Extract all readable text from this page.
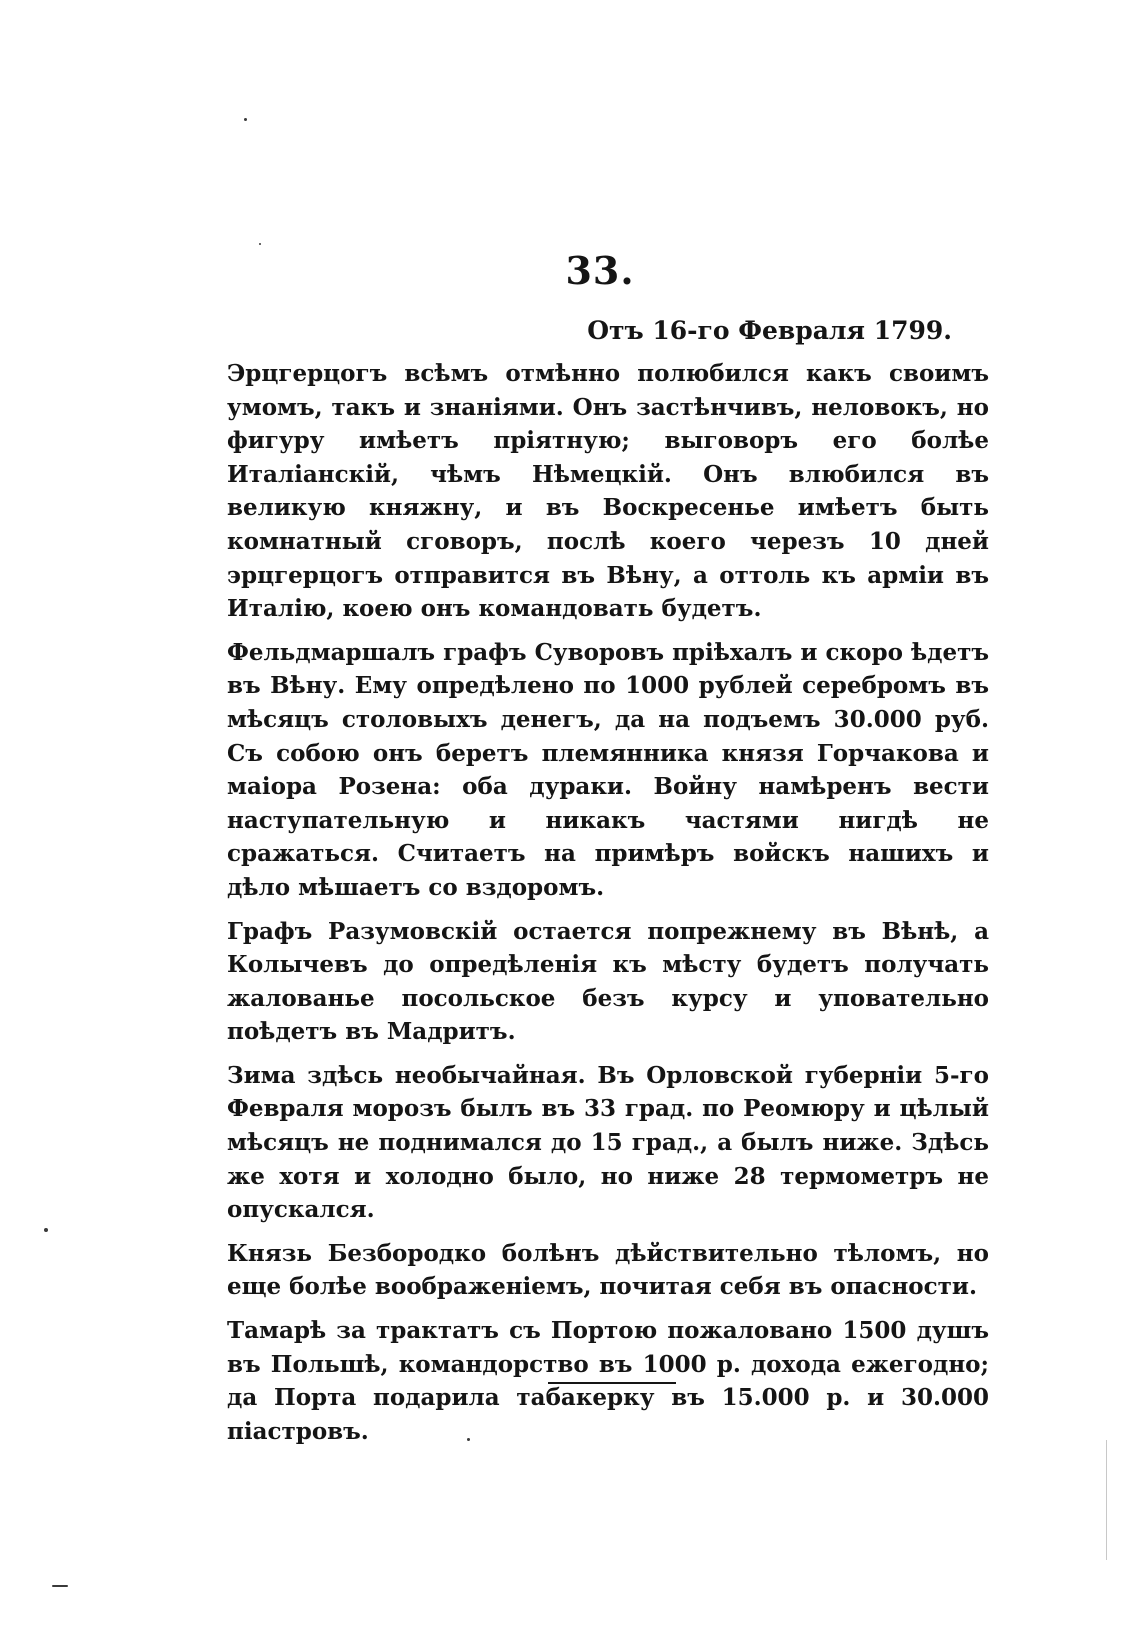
33.
Отъ 16-го Февраля 1799.

Эрцгерцогъ всѣмъ отмѣнно полюбился какъ своимъ умомъ, такъ и знаніями. Онъ застѣнчивъ, неловокъ, но фигуру имѣетъ пріятную; выговоръ его болѣе Италіанскій, чѣмъ Нѣмецкій. Онъ влюбился въ великую княжну, и въ Воскресенье имѣетъ быть комнатный сговоръ, послѣ коего черезъ 10 дней эрцгерцогъ отправится въ Вѣну, а оттоль къ арміи въ Италію, коею онъ командовать будетъ.

Фельдмаршалъ графъ Суворовъ пріѣхалъ и скоро ѣдетъ въ Вѣну. Ему опредѣлено по 1000 рублей серебромъ въ мѣсяцъ столовыхъ денегъ, да на подъемъ 30.000 руб. Съ собою онъ беретъ племянника князя Горчакова и маіора Розена: оба дураки. Войну намѣренъ вести наступательную и никакъ частями нигдѣ не сражаться. Считаетъ на примѣръ войскъ нашихъ и дѣло мѣшаетъ со вздоромъ.

Графъ Разумовскій остается попрежнему въ Вѣнѣ, а Колычевъ до опредѣленія къ мѣсту будетъ получать жалованье посольское безъ курсу и уповательно поѣдетъ въ Мадритъ.

Зима здѣсь необычайная. Въ Орловской губерніи 5-го Февраля морозъ былъ въ 33 град. по Реомюру и цѣлый мѣсяцъ не поднимался до 15 град., а былъ ниже. Здѣсь же хотя и холодно было, но ниже 28 термометръ не опускался.

Князь Безбородко болѣнъ дѣйствительно тѣломъ, но еще болѣе воображеніемъ, почитая себя въ опасности.

Тамарѣ за трактатъ съ Портою пожаловано 1500 душъ въ Польшѣ, командорство въ 1000 р. дохода ежегодно; да Порта подарила табакерку въ 15.000 р. и 30.000 піастровъ.
